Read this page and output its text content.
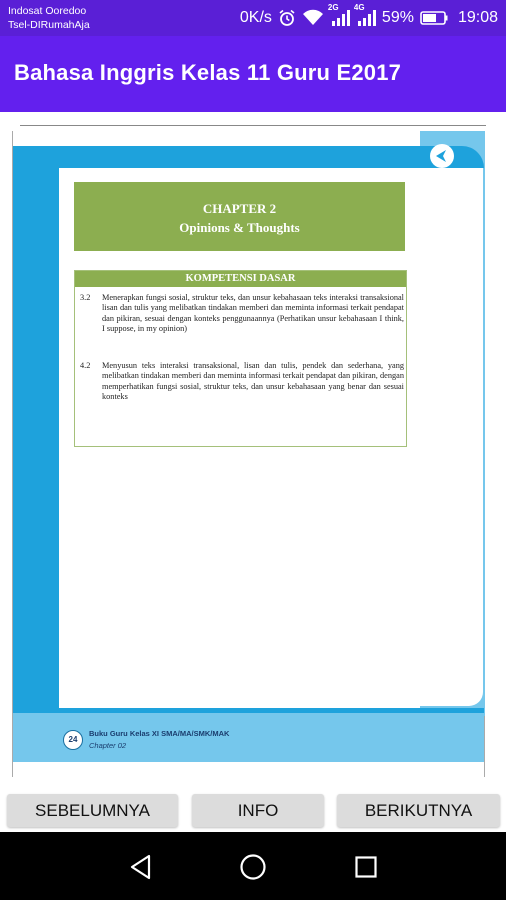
Indosat Ooredoo
Tsel-DIRumahAja	0K/s
2G 4G
59%	19:08
Bahasa Inggris Kelas 11 Guru E2017
CHAPTER 2
Opinions & Thoughts
KOMPETENSI DASAR
3.2	Menerapkan fungsi sosial, struktur teks, dan unsur kebahasaan teks interaksi transaksional lisan dan tulis yang melibatkan tindakan memberi dan meminta informasi terkait pendapat dan pikiran, sesuai dengan konteks penggunaannya (Perhatikan unsur kebahasaan I think, I suppose, in my opinion)
4.2	Menyusun teks interaksi transaksional, lisan dan tulis, pendek dan sederhana, yang melibatkan tindakan memberi dan meminta informasi terkait pendapat dan pikiran, dengan memperhatikan fungsi sosial, struktur teks, dan unsur kebahasaan yang benar dan sesuai konteks
24
Buku Guru Kelas XI SMA/MA/SMK/MAK
Chapter 02
SEBELUMNYA	INFO	BERIKUTNYA
